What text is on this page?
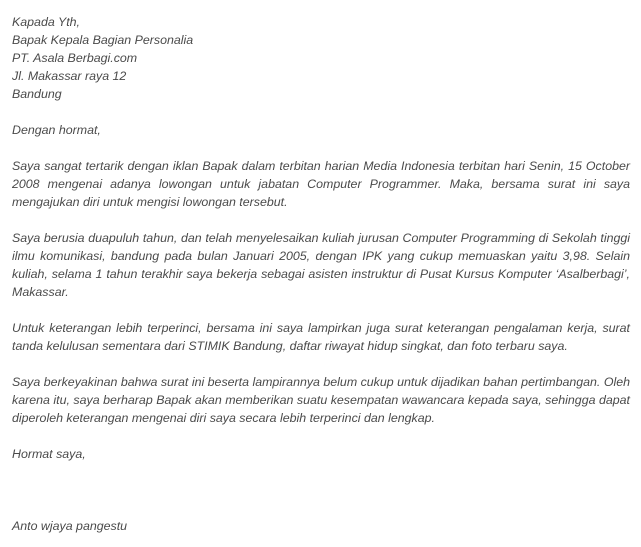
Kapada Yth,
Bapak Kepala Bagian Personalia
PT. Asala Berbagi.com
Jl. Makassar raya 12
Bandung
Dengan hormat,

Saya sangat tertarik dengan iklan Bapak dalam terbitan harian Media Indonesia terbitan hari Senin, 15 October 2008 mengenai adanya lowongan untuk jabatan Computer Programmer. Maka, bersama surat ini saya mengajukan diri untuk mengisi lowongan tersebut.

Saya berusia duapuluh tahun, dan telah menyelesaikan kuliah jurusan Computer Programming di Sekolah tinggi ilmu komunikasi, bandung pada bulan Januari 2005, dengan IPK yang cukup memuaskan yaitu 3,98. Selain kuliah, selama 1 tahun terakhir saya bekerja sebagai asisten instruktur di Pusat Kursus Komputer ‘Asalberbagi’, Makassar.

Untuk keterangan lebih terperinci, bersama ini saya lampirkan juga surat keterangan pengalaman kerja, surat tanda kelulusan sementara dari STIMIK Bandung, daftar riwayat hidup singkat, dan foto terbaru saya.

Saya berkeyakinan bahwa surat ini beserta lampirannya belum cukup untuk dijadikan bahan pertimbangan. Oleh karena itu, saya berharap Bapak akan memberikan suatu kesempatan wawancara kepada saya, sehingga dapat diperoleh keterangan mengenai diri saya secara lebih terperinci dan lengkap.

Hormat saya,
Anto wjaya pangestu
